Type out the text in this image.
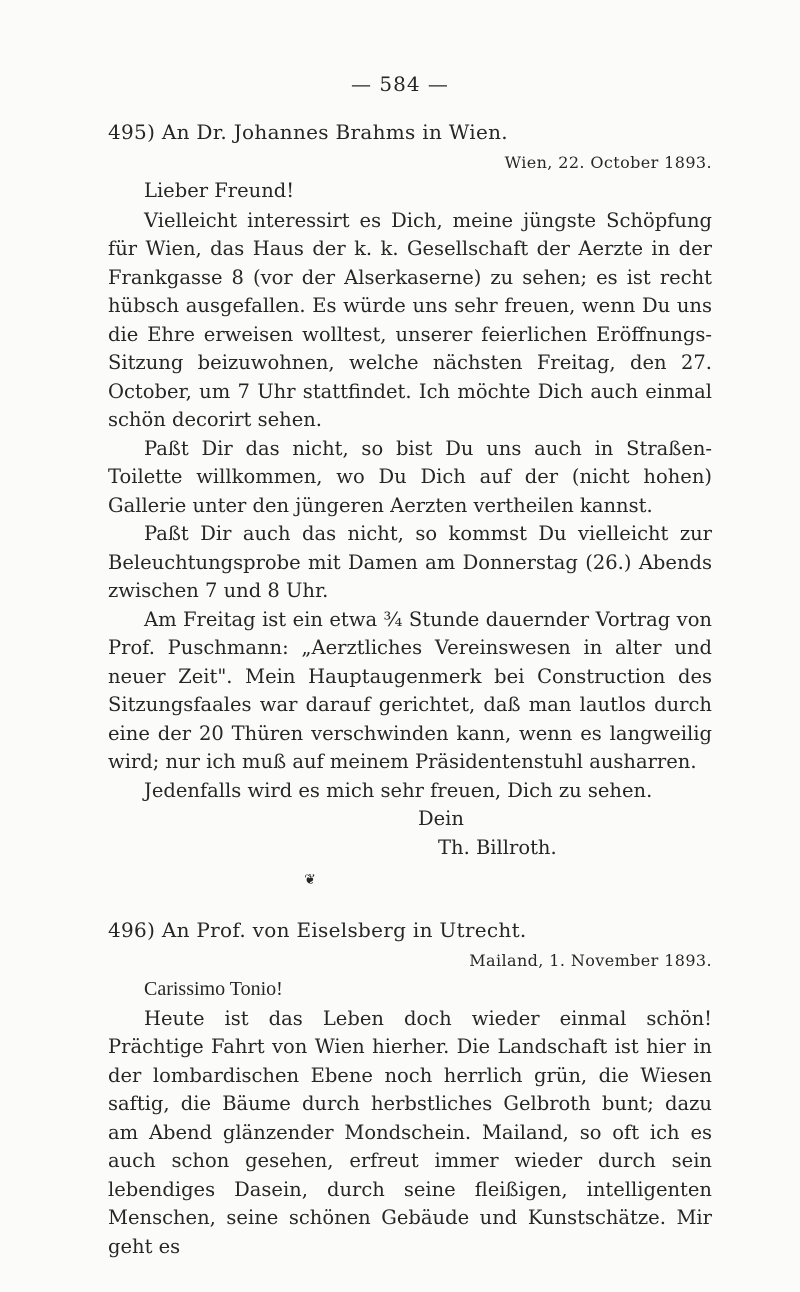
— 584 —
495) An Dr. Johannes Brahms in Wien.

Wien, 22. October 1893.

Lieber Freund!

Vielleicht interessirt es Dich, meine jüngste Schöpfung für Wien, das Haus der k. k. Gesellschaft der Aerzte in der Frankgasse 8 (vor der Alserkaserne) zu sehen; es ist recht hübsch ausgefallen. Es würde uns sehr freuen, wenn Du uns die Ehre erweisen wolltest, unserer feierlichen Eröffnungs-Sitzung beizuwohnen, welche nächsten Freitag, den 27. October, um 7 Uhr stattfindet. Ich möchte Dich auch einmal schön decorirt sehen.

Paßt Dir das nicht, so bist Du uns auch in Straßen-Toilette willkommen, wo Du Dich auf der (nicht hohen) Gallerie unter den jüngeren Aerzten vertheilen kannst.

Paßt Dir auch das nicht, so kommst Du vielleicht zur Beleuchtungsprobe mit Damen am Donnerstag (26.) Abends zwischen 7 und 8 Uhr.

Am Freitag ist ein etwa ¾ Stunde dauernder Vortrag von Prof. Puschmann: „Aerztliches Vereinswesen in alter und neuer Zeit". Mein Hauptaugenmerk bei Construction des Sitzungsfaales war darauf gerichtet, daß man lautlos durch eine der 20 Thüren verschwinden kann, wenn es langweilig wird; nur ich muß auf meinem Präsidentenstuhl ausharren.

Jedenfalls wird es mich sehr freuen, Dich zu sehen.

Dein

Th. Billroth.

❦

496) An Prof. von Eiselsberg in Utrecht.

Mailand, 1. November 1893.

Carissimo Tonio!

Heute ist das Leben doch wieder einmal schön! Prächtige Fahrt von Wien hierher. Die Landschaft ist hier in der lombardischen Ebene noch herrlich grün, die Wiesen saftig, die Bäume durch herbstliches Gelbroth bunt; dazu am Abend glänzender Mondschein. Mailand, so oft ich es auch schon gesehen, erfreut immer wieder durch sein lebendiges Dasein, durch seine fleißigen, intelligenten Menschen, seine schönen Gebäude und Kunstschätze. Mir geht es
